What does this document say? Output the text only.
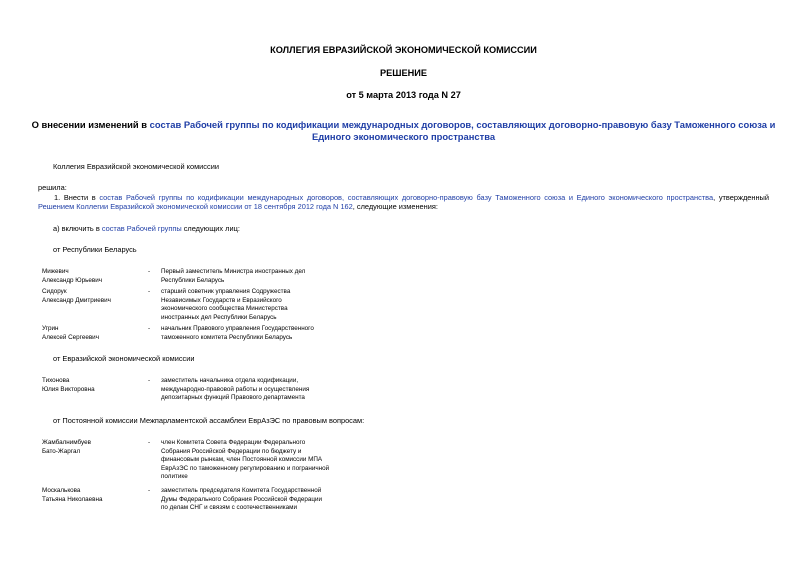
КОЛЛЕГИЯ ЕВРАЗИЙСКОЙ ЭКОНОМИЧЕСКОЙ КОМИССИИ
РЕШЕНИЕ
от 5 марта 2013 года N 27
О внесении изменений в состав Рабочей группы по кодификации международных договоров, составляющих договорно-правовую базу Таможенного союза и Единого экономического пространства
Коллегия Евразийской экономической комиссии
решила:
1. Внести в состав Рабочей группы по кодификации международных договоров, составляющих договорно-правовую базу Таможенного союза и Единого экономического пространства, утвержденный Решением Коллегии Евразийской экономической комиссии от 18 сентября 2012 года N 162, следующие изменения:
а) включить в состав Рабочей группы следующих лиц:
от Республики Беларусь
Мижевич
Александр Юрьевич
- Первый заместитель Министра иностранных дел
Республики Беларусь
Сидорук
Александр Дмитриевич
- старший советник управления Содружества
Независимых Государств и Евразийского
экономического сообщества Министерства
иностранных дел Республики Беларусь
Угрин
Алексей Сергеевич
- начальник Правового управления Государственного
таможенного комитета Республики Беларусь
от Евразийской экономической комиссии
Тихонова
Юлия Викторовна
- заместитель начальника отдела кодификации,
международно-правовой работы и осуществления
депозитарных функций Правового департамента
от Постоянной комиссии Межпарламентской ассамблеи ЕврАзЭС по правовым вопросам:
Жамбалнимбуев
Бато-Жаргал
- член Комитета Совета Федерации Федерального
Собрания Российской Федерации по бюджету и
финансовым рынкам, член Постоянной комиссии МПА
ЕврАзЭС по таможенному регулированию и пограничной
политике
Москалькова
Татьяна Николаевна
- заместитель председателя Комитета Государственной
Думы Федерального Собрания Российской Федерации
по делам СНГ и связям с соотечественниками
